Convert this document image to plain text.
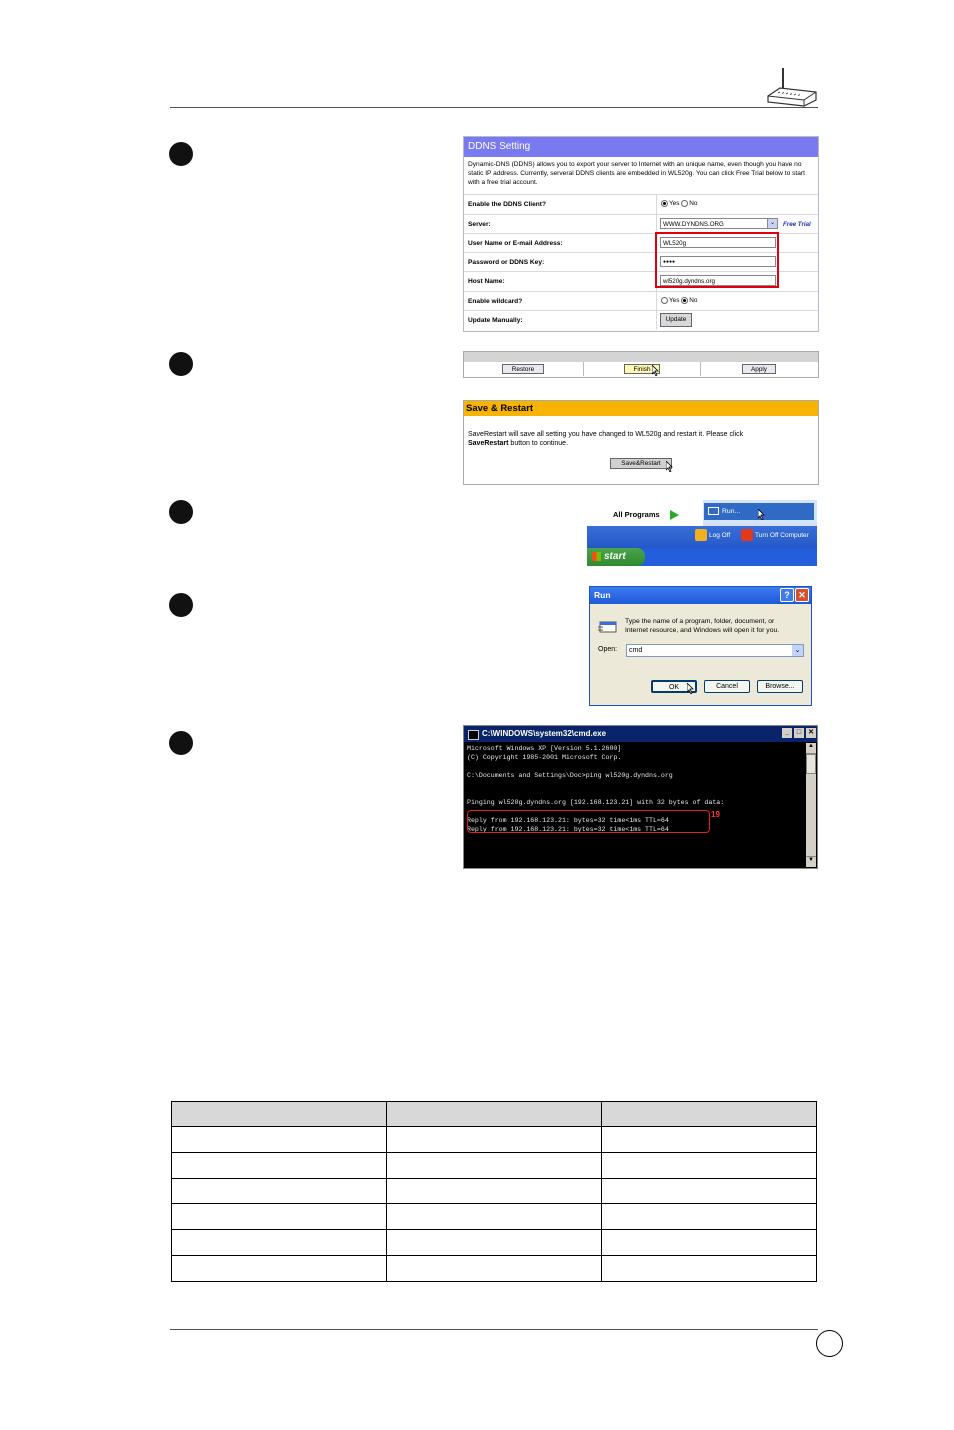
DDNS Setting
Dynamic-DNS (DDNS) allows you to export your server to Internet with an unique name, even though you have no static IP address. Currently, serveral DDNS clients are embedded in WL520g. You can click Free Trial below to start with a free trial account.
Enable the DDNS Client?	Yes No
Server:	WWW.DYNDNS.ORG	⌄	Free Trial
User Name or E-mail Address:	WL520g
Password or DDNS Key:	●●●●
Host Name:	wl520g.dyndns.org
Enable wildcard?	Yes No
Update Manually:	Update
Restore	Finish	Apply
Save & Restart
SaveRestart will save all setting you have changed to WL520g and restart it. Please click
SaveRestart button to continue.
Save&Restart
All Programs	Run...
Log Off	Turn Off Computer
start
Run	? ✕
Type the name of a program, folder, document, or Internet resource, and Windows will open it for you.
Open:	cmd	⌄
OK	Cancel	Browse...
C:\WINDOWS\system32\cmd.exe	_	□ ✕
Microsoft Windows XP [Version 5.1.2600]
(C) Copyright 1985-2001 Microsoft Corp.

C:\Documents and Settings\Doc>ping wl520g.dyndns.org

Pinging wl520g.dyndns.org [192.168.123.21] with 32 bytes of data:

Reply from 192.168.123.21: bytes=32 time<1ms TTL=64
Reply from 192.168.123.21: bytes=32 time<1ms TTL=64
19
▲
▼
